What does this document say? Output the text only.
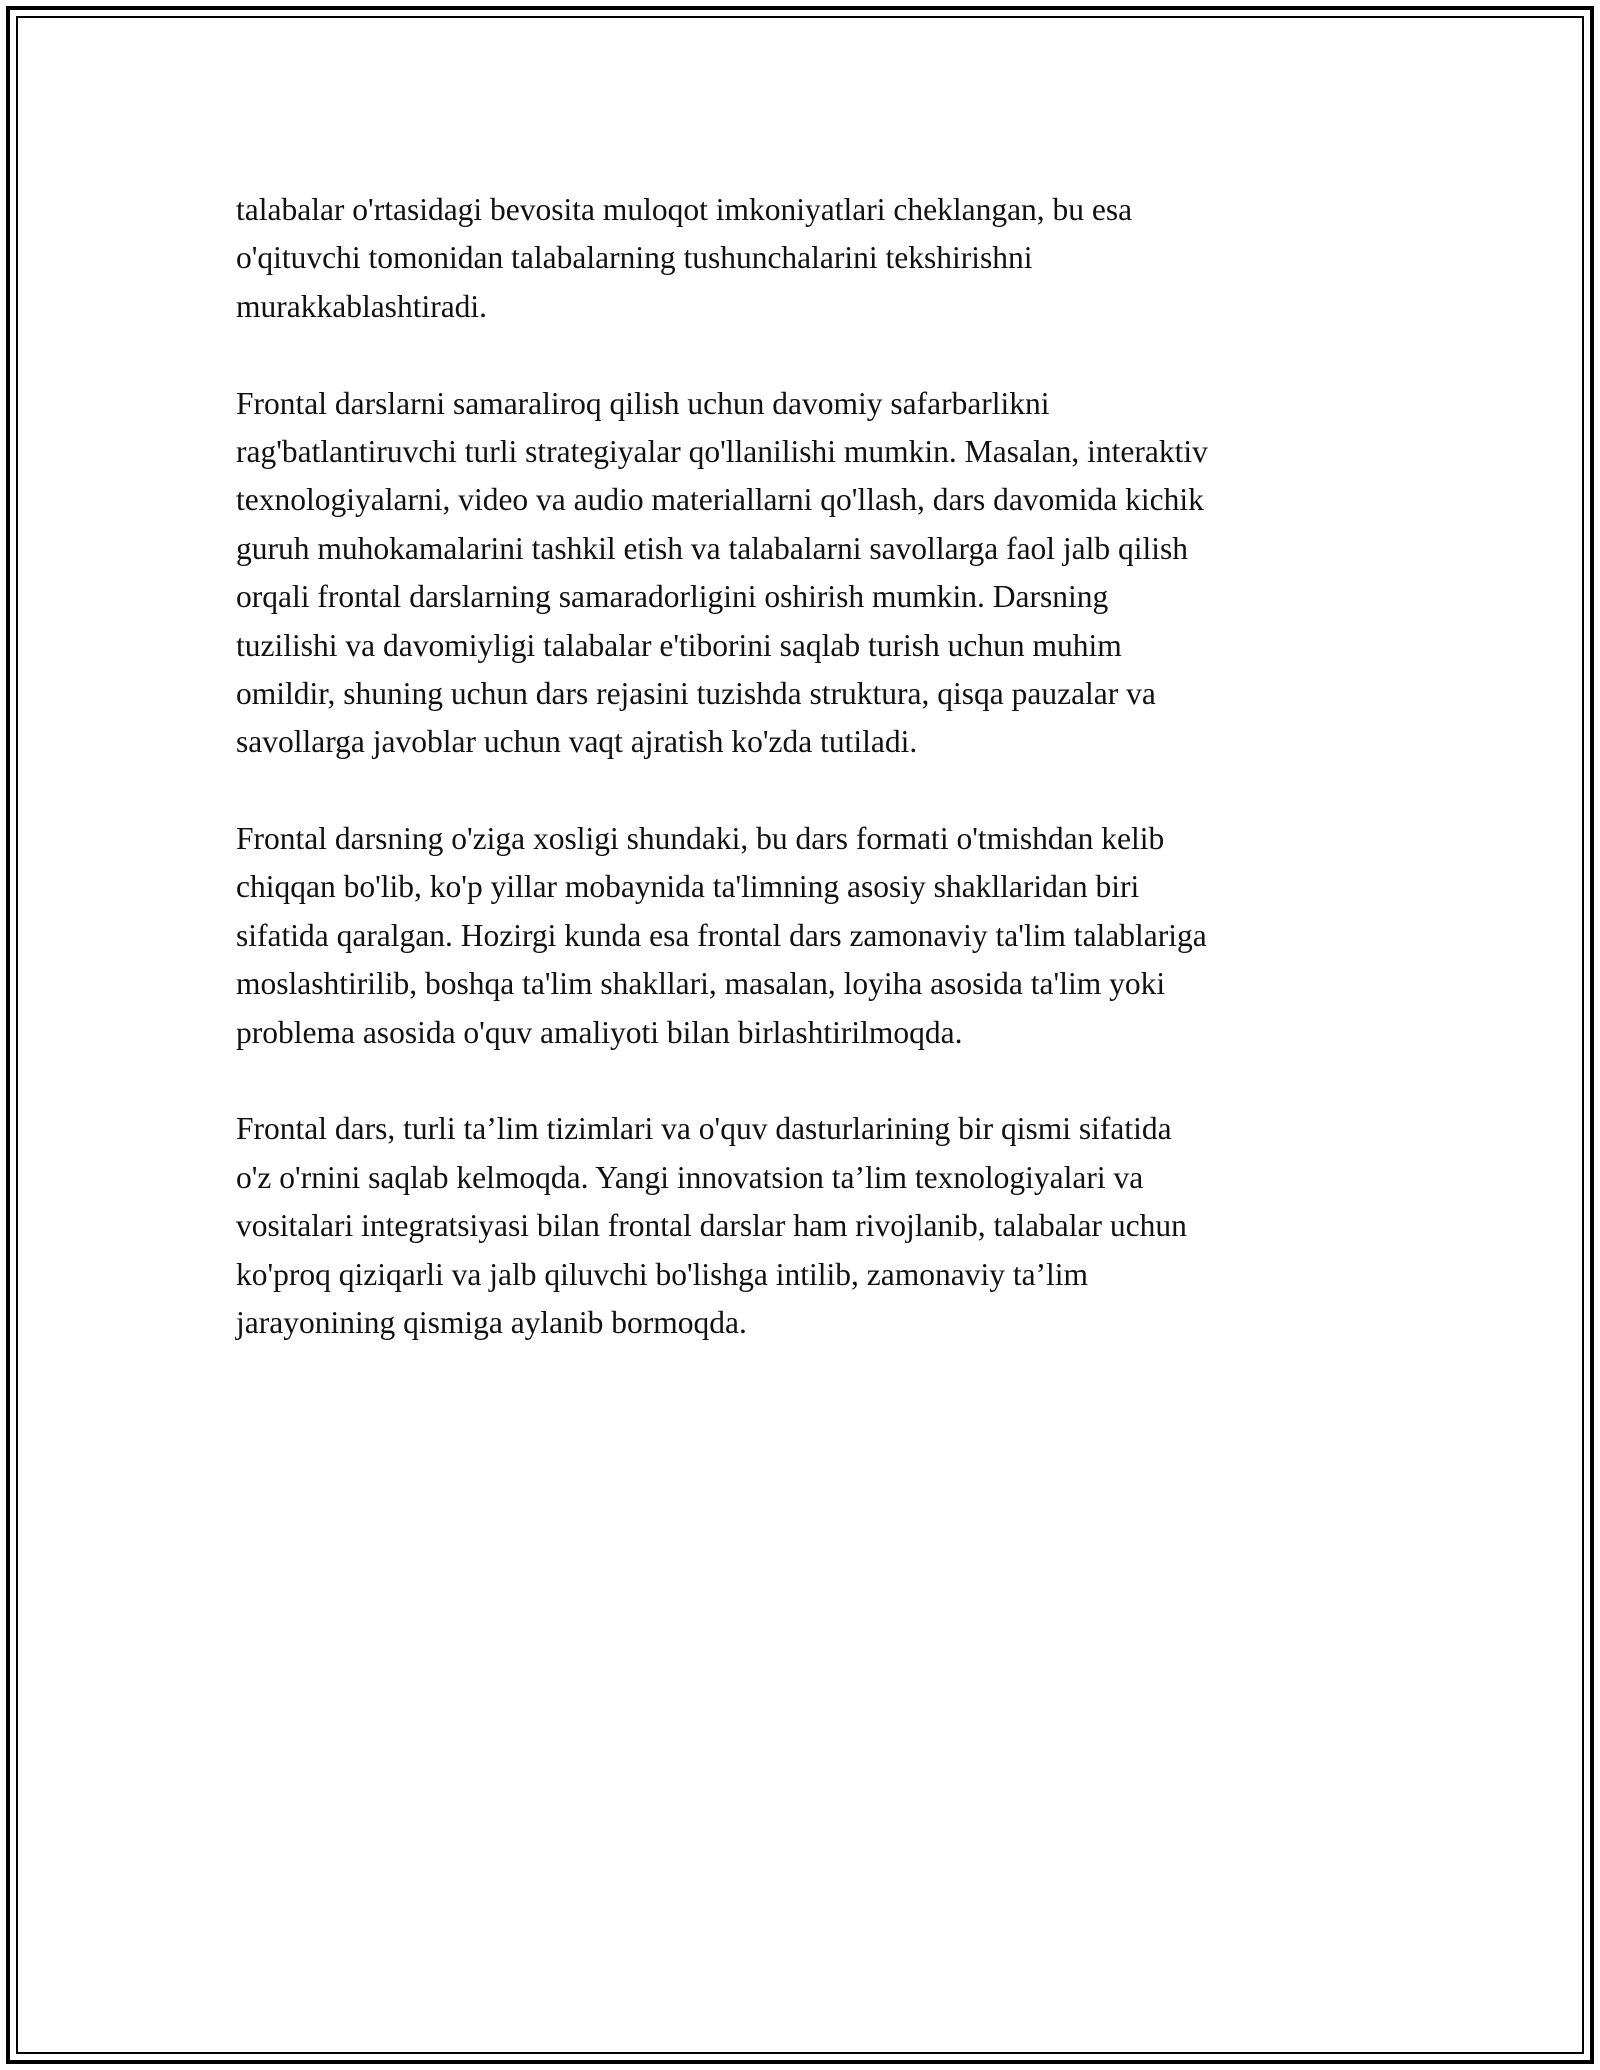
talabalar o'rtasidagi bevosita muloqot imkoniyatlari cheklangan, bu esa
o'qituvchi tomonidan talabalarning tushunchalarini tekshirishni
murakkablashtiradi.

Frontal darslarni samaraliroq qilish uchun davomiy safarbarlikni
rag'batlantiruvchi turli strategiyalar qo'llanilishi mumkin. Masalan, interaktiv
texnologiyalarni, video va audio materiallarni qo'llash, dars davomida kichik
guruh muhokamalarini tashkil etish va talabalarni savollarga faol jalb qilish
orqali frontal darslarning samaradorligini oshirish mumkin. Darsning
tuzilishi va davomiyligi talabalar e'tiborini saqlab turish uchun muhim
omildir, shuning uchun dars rejasini tuzishda struktura, qisqa pauzalar va
savollarga javoblar uchun vaqt ajratish ko'zda tutiladi.

Frontal darsning o'ziga xosligi shundaki, bu dars formati o'tmishdan kelib
chiqqan bo'lib, ko'p yillar mobaynida ta'limning asosiy shakllaridan biri
sifatida qaralgan. Hozirgi kunda esa frontal dars zamonaviy ta'lim talablariga
moslashtirilib, boshqa ta'lim shakllari, masalan, loyiha asosida ta'lim yoki
problema asosida o'quv amaliyoti bilan birlashtirilmoqda.

Frontal dars, turli ta’lim tizimlari va o'quv dasturlarining bir qismi sifatida
o'z o'rnini saqlab kelmoqda. Yangi innovatsion ta’lim texnologiyalari va
vositalari integratsiyasi bilan frontal darslar ham rivojlanib, talabalar uchun
ko'proq qiziqarli va jalb qiluvchi bo'lishga intilib, zamonaviy ta’lim
jarayonining qismiga aylanib bormoqda.
